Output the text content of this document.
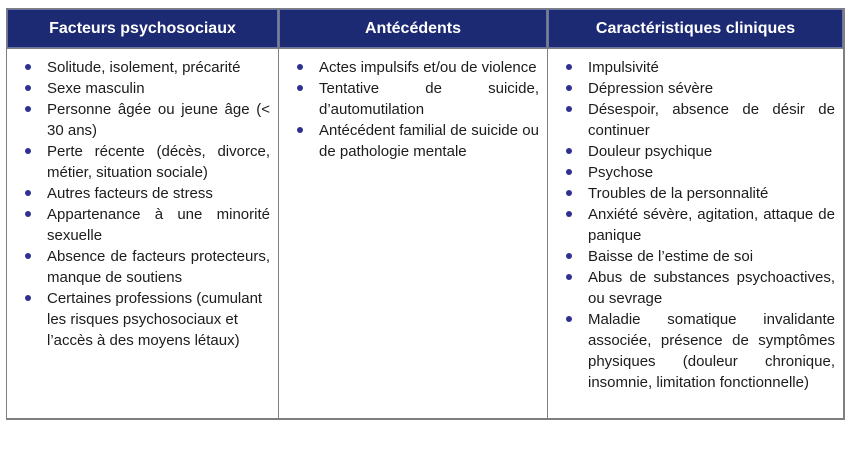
Facteurs psychosociaux
Solitude, isolement, précarité
Sexe masculin
Personne âgée ou jeune âge (< 30 ans)
Perte récente (décès, divorce, métier, situation sociale)
Autres facteurs de stress
Appartenance à une minorité sexuelle
Absence de facteurs protecteurs, manque de soutiens
Certaines professions (cumulant les risques psychosociaux et l’accès à des moyens létaux)
Antécédents
Actes impulsifs et/ou de violence
Tentative de suicide, d’automutilation
Antécédent familial de suicide ou de pathologie mentale
Caractéristiques cliniques
Impulsivité
Dépression sévère
Désespoir, absence de désir de continuer
Douleur psychique
Psychose
Troubles de la personnalité
Anxiété sévère, agitation, attaque de panique
Baisse de l’estime de soi
Abus de substances psychoactives, ou sevrage
Maladie somatique invalidante associée, présence de symptômes physiques (douleur chronique, insomnie, limitation fonctionnelle)
